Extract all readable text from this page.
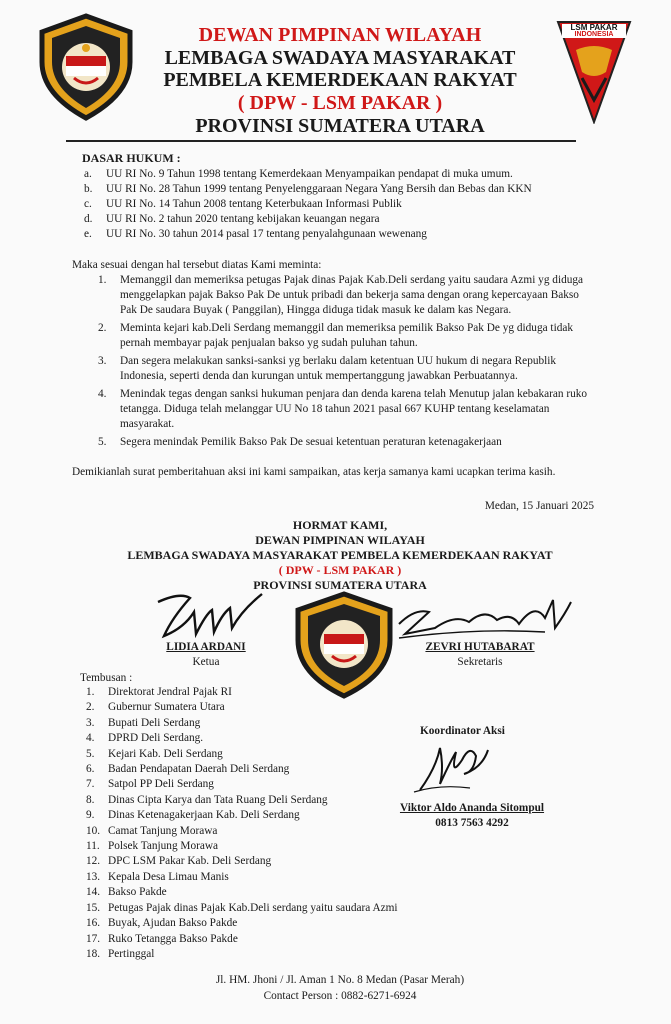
LSM PAKAR
INDONESIA
DEWAN PIMPINAN WILAYAH
LEMBAGA SWADAYA MASYARAKAT
PEMBELA KEMERDEKAAN RAKYAT
( DPW - LSM PAKAR )
PROVINSI SUMATERA UTARA
DASAR HUKUM :
a. UU RI No. 9 Tahun 1998 tentang Kemerdekaan Menyampaikan pendapat di muka umum.
b. UU RI No. 28 Tahun 1999 tentang Penyelenggaraan Negara Yang Bersih dan Bebas dan KKN
c. UU RI No. 14 Tahun 2008 tentang Keterbukaan Informasi Publik
d. UU RI No. 2 tahun 2020 tentang kebijakan keuangan negara
e. UU RI No. 30 tahun 2014 pasal 17 tentang penyalahgunaan wewenang
Maka sesuai dengan hal tersebut diatas Kami meminta:
1. Memanggil dan memeriksa petugas Pajak dinas Pajak Kab.Deli serdang yaitu saudara Azmi yg diduga menggelapkan pajak Bakso Pak De untuk pribadi dan bekerja sama dengan orang kepercayaan Bakso Pak De saudara Buyak ( Panggilan), Hingga diduga tidak masuk ke dalam kas Negara.
2. Meminta kejari kab.Deli Serdang memanggil dan memeriksa pemilik Bakso Pak De yg diduga tidak pernah membayar pajak penjualan bakso yg sudah puluhan tahun.
3. Dan segera melakukan sanksi-sanksi yg berlaku dalam ketentuan UU hukum di negara Republik Indonesia, seperti denda dan kurungan untuk mempertanggung jawabkan Perbuatannya.
4. Menindak tegas dengan sanksi hukuman penjara dan denda karena telah Menutup jalan kebakaran ruko tetangga. Diduga telah melanggar UU No 18 tahun 2021 pasal 667 KUHP tentang keselamatan masyarakat.
5. Segera menindak Pemilik Bakso Pak De sesuai ketentuan peraturan ketenagakerjaan
Demikianlah surat pemberitahuan aksi ini kami sampaikan, atas kerja samanya kami ucapkan terima kasih.
Medan, 15 Januari 2025
HORMAT KAMI,
DEWAN PIMPINAN WILAYAH
LEMBAGA SWADAYA MASYARAKAT PEMBELA KEMERDEKAAN RAKYAT
( DPW - LSM PAKAR )
PROVINSI SUMATERA UTARA
LIDIA ARDANI
Ketua
ZEVRI HUTABARAT
Sekretaris
Tembusan :
1. Direktorat Jendral Pajak RI
2. Gubernur Sumatera Utara
3. Bupati Deli Serdang
4. DPRD Deli Serdang.
5. Kejari Kab. Deli Serdang
6. Badan Pendapatan Daerah Deli Serdang
7. Satpol PP Deli Serdang
8. Dinas Cipta Karya dan Tata Ruang Deli Serdang
9. Dinas Ketenagakerjaan Kab. Deli Serdang
10. Camat Tanjung Morawa
11. Polsek Tanjung Morawa
12. DPC LSM Pakar Kab. Deli Serdang
13. Kepala Desa Limau Manis
14. Bakso Pakde
15. Petugas Pajak dinas Pajak Kab.Deli serdang yaitu saudara Azmi
16. Buyak, Ajudan Bakso Pakde
17. Ruko Tetangga Bakso Pakde
18. Pertinggal
Koordinator Aksi
Viktor Aldo Ananda Sitompul
0813 7563 4292
Jl. HM. Jhoni / Jl. Aman 1 No. 8 Medan (Pasar Merah)
Contact Person : 0882-6271-6924
